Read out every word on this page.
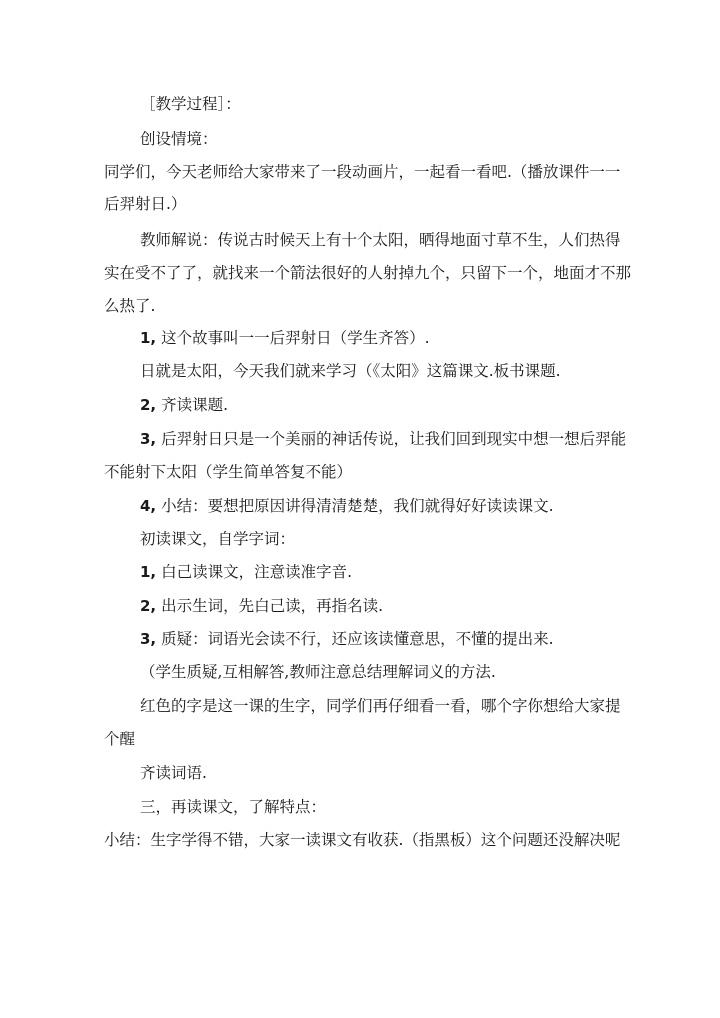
［教学过程］：
创设情境：
同学们，今天老师给大家带来了一段动画片，一起看一看吧.（播放课件一一
后羿射日.）
教师解说：传说古时候天上有十个太阳，晒得地面寸草不生，人们热得
实在受不了了，就找来一个箭法很好的人射掉九个，只留下一个，地面才不那
么热了.
1, 这个故事叫一一后羿射日（学生齐答）.
日就是太阳，今天我们就来学习（《太阳》这篇课文.板书课题.
2, 齐读课题.
3, 后羿射日只是一个美丽的神话传说，让我们回到现实中想一想后羿能
不能射下太阳（学生简单答复不能）
4, 小结：要想把原因讲得清清楚楚，我们就得好好读读课文.
初读课文，自学字词：
1, 白己读课文，注意读准字音.
2, 出示生词，先白己读，再指名读.
3, 质疑：词语光会读不行，还应该读懂意思，不懂的提出来.
（学生质疑,互相解答,教师注意总结理解词义的方法.
红色的字是这一课的生字，同学们再仔细看一看，哪个字你想给大家提
个醒
齐读词语.
三，再读课文，了解特点：
小结：生字学得不错，大家一读课文有收获.（指黑板）这个问题还没解决呢
